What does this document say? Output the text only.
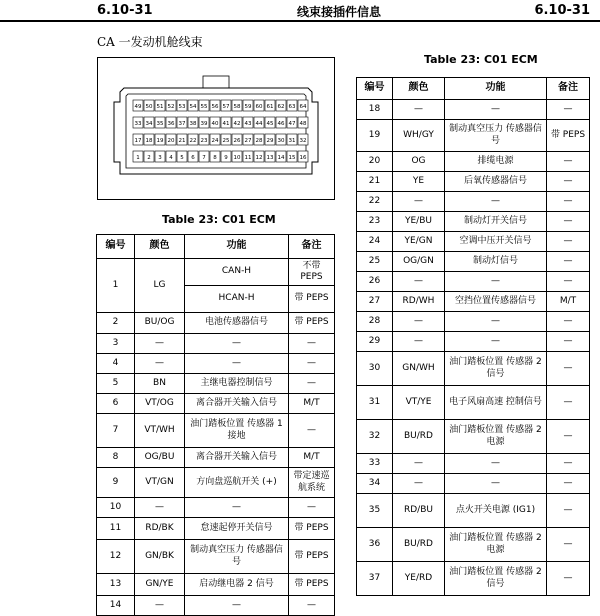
6.10-31	线束接插件信息	6.10-31
CA 一发动机舱线束
49 50 51 52 53 54 55 56 57 58 59 60 61 62 63 64
33 34 35 36 37 38 39 40 41 42 43 44 45 46 47 48
17 18 19 20 21 22 23 24 25 26 27 28 29 30 31 32
1 2 3 4 5 6 7 8 9 10 11 12 13 14 15 16
Table 23: C01 ECM
Table 23: C01 ECM
编号	颜色	功能	备注
1	LG	CAN-H	不带 PEPS
		HCAN-H	带 PEPS
2	BU/OG	电池传感器信号	带 PEPS
3	—	—	—
4	—	—	—
5	BN	主继电器控制信号	—
6	VT/OG	离合器开关输入信号	M/T
7	VT/WH	油门踏板位置 传感器 1 接地	—
8	OG/BU	离合器开关输入信号	M/T
9	VT/GN	方向盘巡航开关 (+)	带定速巡 航系统
10	—	—	—
11	RD/BK	怠速起停开关信号	带 PEPS
12	GN/BK	制动真空压力 传感器信号	带 PEPS
13	GN/YE	启动继电器 2 信号	带 PEPS
14	—	—	—
编号	颜色	功能	备注
18	—	—	—
19	WH/GY	制动真空压力 传感器信号	带 PEPS
20	OG	排缆电源	—
21	YE	后氧传感器信号	—
22	—	—	—
23	YE/BU	制动灯开关信号	—
24	YE/GN	空调中压开关信号	—
25	OG/GN	制动灯信号	—
26	—	—	—
27	RD/WH	空挡位置传感器信号	M/T
28	—	—	—
29	—	—	—
30	GN/WH	油门踏板位置 传感器 2 信号	—
31	VT/YE	电子风扇高速 控制信号	—
32	BU/RD	油门踏板位置 传感器 2 电源	—
33	—	—	—
34	—	—	—
35	RD/BU	点火开关电源 (IG1)	—
36	BU/RD	油门踏板位置 传感器 2 电源	—
37	YE/RD	油门踏板位置 传感器 2 信号	—
